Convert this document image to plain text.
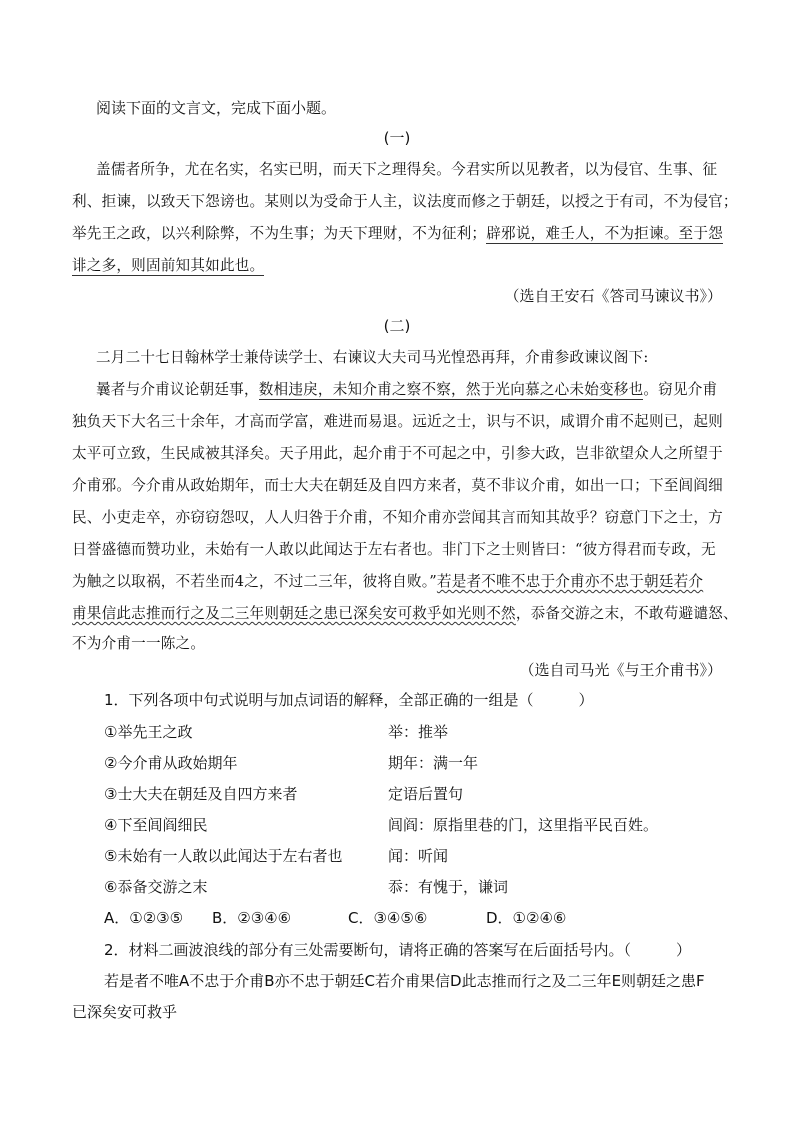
阅读下面的文言文，完成下面小题。
(一)
盖儒者所争，尤在名实，名实已明，而天下之理得矣。今君实所以见教者，以为侵官、生事、征
利、拒谏，以致天下怨谤也。某则以为受命于人主，议法度而修之于朝廷，以授之于有司，不为侵官；
举先王之政，以兴利除弊，不为生事；为天下理财，不为征利；辟邪说，难壬人，不为拒谏。至于怨
诽之多，则固前知其如此也。
（选自王安石《答司马谏议书》）
(二)
二月二十七日翰林学士兼侍读学士、右谏议大夫司马光惶恐再拜，介甫参政谏议阁下:
曩者与介甫议论朝廷事，数相违戾，未知介甫之察不察，然于光向慕之心未始变移也。窃见介甫
独负天下大名三十余年，才高而学富，难进而易退。远近之士，识与不识，咸谓介甫不起则已，起则
太平可立致，生民咸被其泽矣。天子用此，起介甫于不可起之中，引参大政，岂非欲望众人之所望于
介甫邪。今介甫从政始期年，而士大夫在朝廷及自四方来者，莫不非议介甫，如出一口；下至闾阎细
民、小吏走卒，亦窃窃怨叹，人人归咎于介甫，不知介甫亦尝闻其言而知其故乎？窃意门下之士，方
日誉盛德而赞功业，未始有一人敢以此闻达于左右者也。非门下之士则皆曰：“彼方得君而专政，无
为触之以取祸，不若坐而4之，不过二三年，彼将自败。”若是者不唯不忠于介甫亦不忠于朝廷若介
甫果信此志推而行之及二三年则朝廷之患已深矣安可救乎如光则不然，忝备交游之末，不敢苟避谴怒、
不为介甫一一陈之。
（选自司马光《与王介甫书》）
1．下列各项中句式说明与加点词语的解释，全部正确的一组是（　　　）
①举先王之政	举：推举
②今介甫从政始期年	期年：满一年
③士大夫在朝廷及自四方来者	定语后置句
④下至闾阎细民	闾阎：原指里巷的门，这里指平民百姓。
⑤未始有一人敢以此闻达于左右者也	闻：听闻
⑥忝备交游之末	忝：有愧于，谦词
A．①②③⑤ B．②③④⑥	C．③④⑤⑥	D．①②④⑥
2．材料二画波浪线的部分有三处需要断句，请将正确的答案写在后面括号内。（　　　）
若是者不唯A不忠于介甫B亦不忠于朝廷C若介甫果信D此志推而行之及二三年E则朝廷之患F
已深矣安可救乎
